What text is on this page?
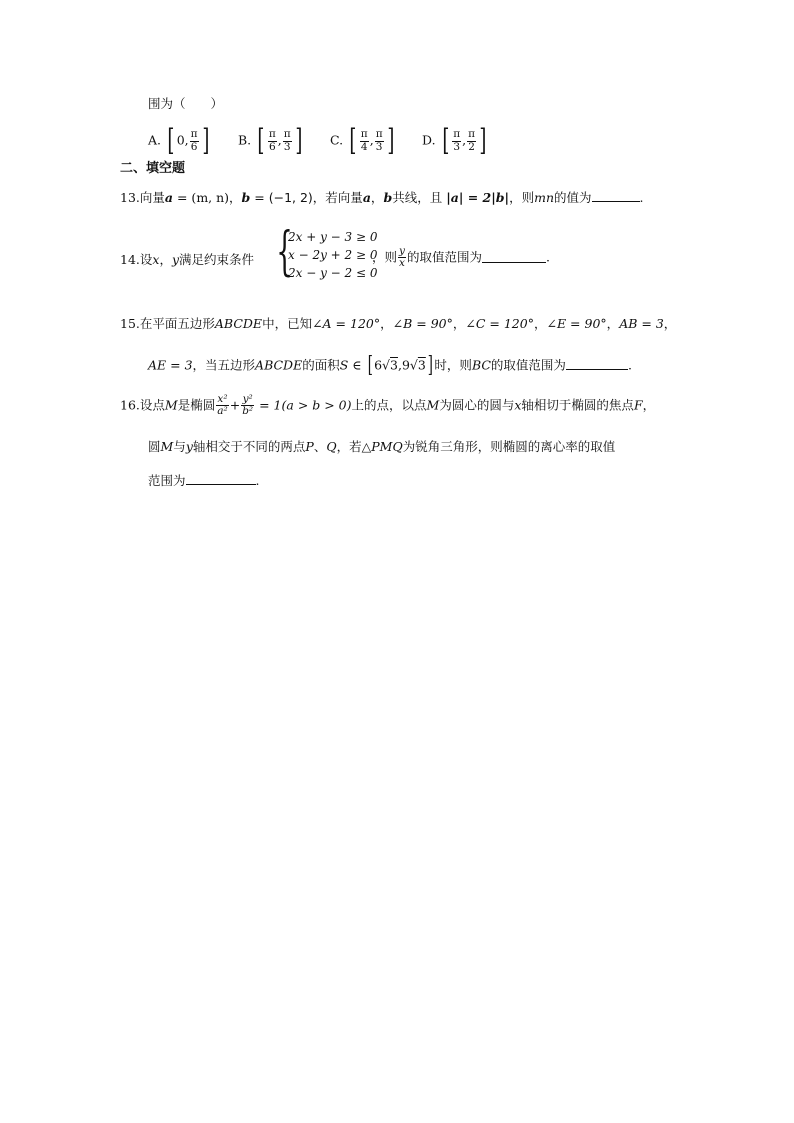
围为（　　）
A. [ 0, $\frac{\pi}{6}$ ] B. [ $\frac{\pi}{6}$ , $\frac{\pi}{3}$ ] C. [ $\frac{\pi}{4}$ , $\frac{\pi}{3}$ ] D. [ $\frac{\pi}{3}$ , $\frac{\pi}{2}$ ]
二、填空题
13.向量a = (m, n)，b = (−1, 2)，若向量a，b共线，且 |a| = 2|b|，则mn的值为	.
14.设x，y满足约束条件 {
2x + y − 3 ≥ 0
x − 2y + 2 ≥ 0
2x − y − 2 ≤ 0
，则 $\frac{y}{x}$ 的取值范围为	.
15.在平面五边形ABCDE中，已知∠A = 120°，∠B = 90°，∠C = 120°，∠E = 90°，AB = 3，
AE = 3，当五边形ABCDE的面积S ∈ [ 6√3,9√3] 时，则BC的取值范围为	.
16.设点M是椭圆 $\frac{\text{x²}}{\text{a²}} + \frac{\text{y²}}{\text{b²}} = 1(a > b > 0)$上的点，以点M为圆心的圆与x轴相切于椭圆的焦点F，
圆M与y轴相交于不同的两点P、Q，若△PMQ为锐角三角形，则椭圆的离心率的取值
范围为	.
